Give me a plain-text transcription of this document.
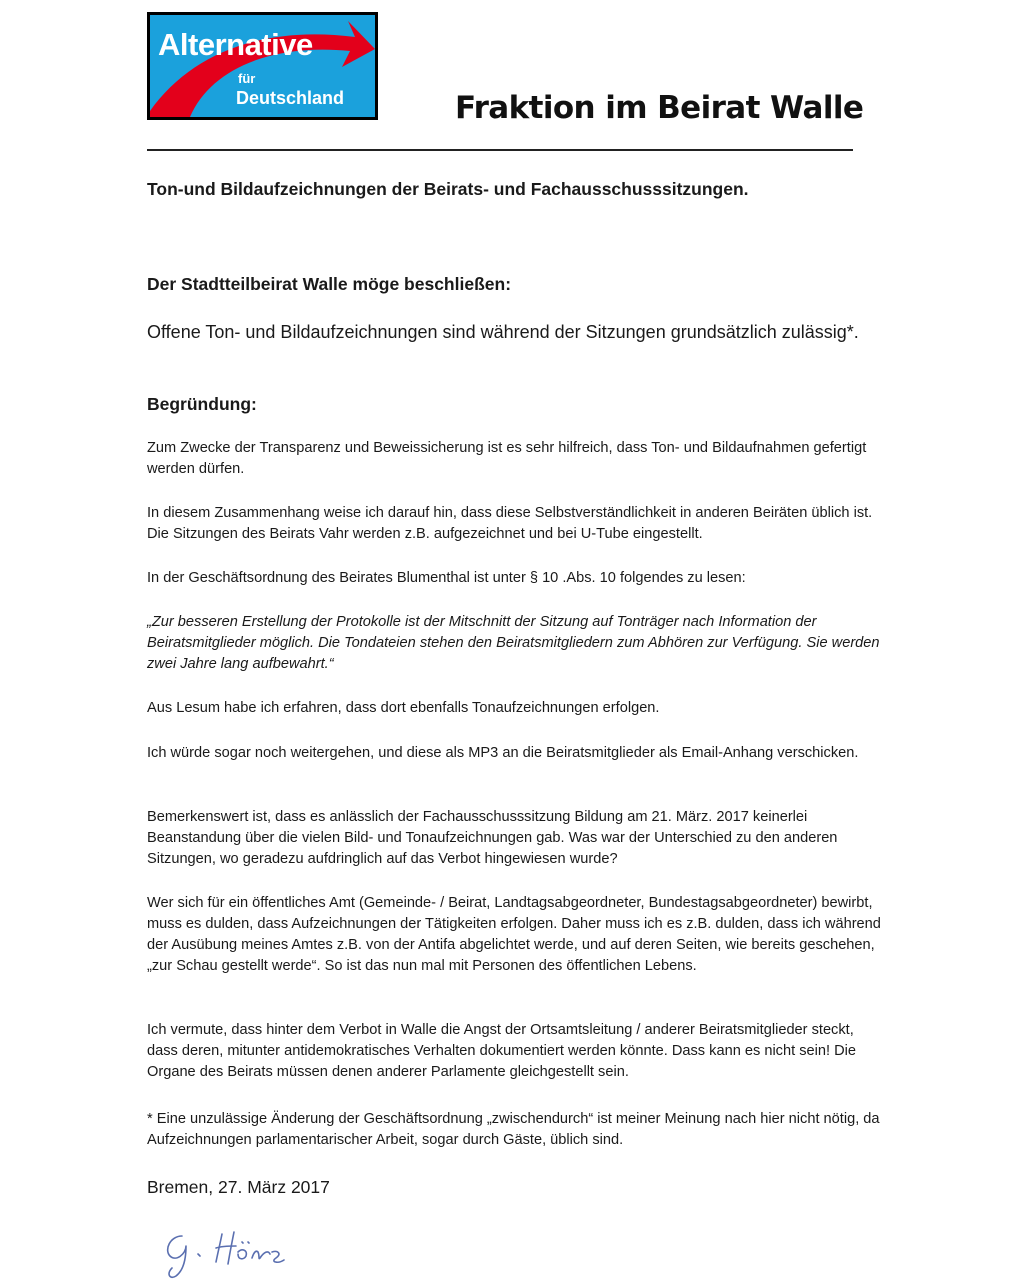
Alternative
für
Deutschland	Fraktion im Beirat Walle
Ton-und Bildaufzeichnungen der Beirats- und Fachausschusssitzungen.
Der Stadtteilbeirat Walle möge beschließen:
Offene Ton- und Bildaufzeichnungen sind während der Sitzungen grundsätzlich zulässig*.
Begründung:
Zum Zwecke der Transparenz und Beweissicherung ist es sehr hilfreich, dass Ton- und Bildaufnahmen gefertigt werden dürfen.
In diesem Zusammenhang weise ich darauf hin, dass diese Selbstverständlichkeit in anderen Beiräten üblich ist. Die Sitzungen des Beirats Vahr werden z.B. aufgezeichnet und bei U-Tube eingestellt.
In der Geschäftsordnung des Beirates Blumenthal ist unter § 10 .Abs. 10 folgendes zu lesen:
„Zur besseren Erstellung der Protokolle ist der Mitschnitt der Sitzung auf Tonträger nach Information der Beiratsmitglieder möglich. Die Tondateien stehen den Beiratsmitgliedern zum Abhören zur Verfügung. Sie werden zwei Jahre lang aufbewahrt.“
Aus Lesum habe ich erfahren, dass dort ebenfalls Tonaufzeichnungen erfolgen.
Ich würde sogar noch weitergehen, und diese als MP3 an die Beiratsmitglieder als Email-Anhang verschicken.
Bemerkenswert ist, dass es anlässlich der Fachausschusssitzung Bildung am 21. März. 2017 keinerlei Beanstandung über die vielen Bild- und Tonaufzeichnungen gab. Was war der Unterschied zu den anderen Sitzungen, wo geradezu aufdringlich auf das Verbot hingewiesen wurde?
Wer sich für ein öffentliches Amt (Gemeinde- / Beirat, Landtagsabgeordneter, Bundestagsabgeordneter) bewirbt, muss es dulden, dass Aufzeichnungen der Tätigkeiten erfolgen. Daher muss ich es z.B. dulden, dass ich während der Ausübung meines Amtes z.B. von der Antifa abgelichtet werde, und auf deren Seiten, wie bereits geschehen, „zur Schau gestellt werde“. So ist das nun mal mit Personen des öffentlichen Lebens.
Ich vermute, dass hinter dem Verbot in Walle die Angst der Ortsamtsleitung / anderer Beiratsmitglieder steckt, dass deren, mitunter antidemokratisches Verhalten dokumentiert werden könnte. Dass kann es nicht sein! Die Organe des Beirats müssen denen anderer Parlamente gleichgestellt sein.
* Eine unzulässige Änderung der Geschäftsordnung „zwischendurch“ ist meiner Meinung nach hier nicht nötig, da Aufzeichnungen parlamentarischer Arbeit, sogar durch Gäste, üblich sind.
Bremen, 27. März 2017
